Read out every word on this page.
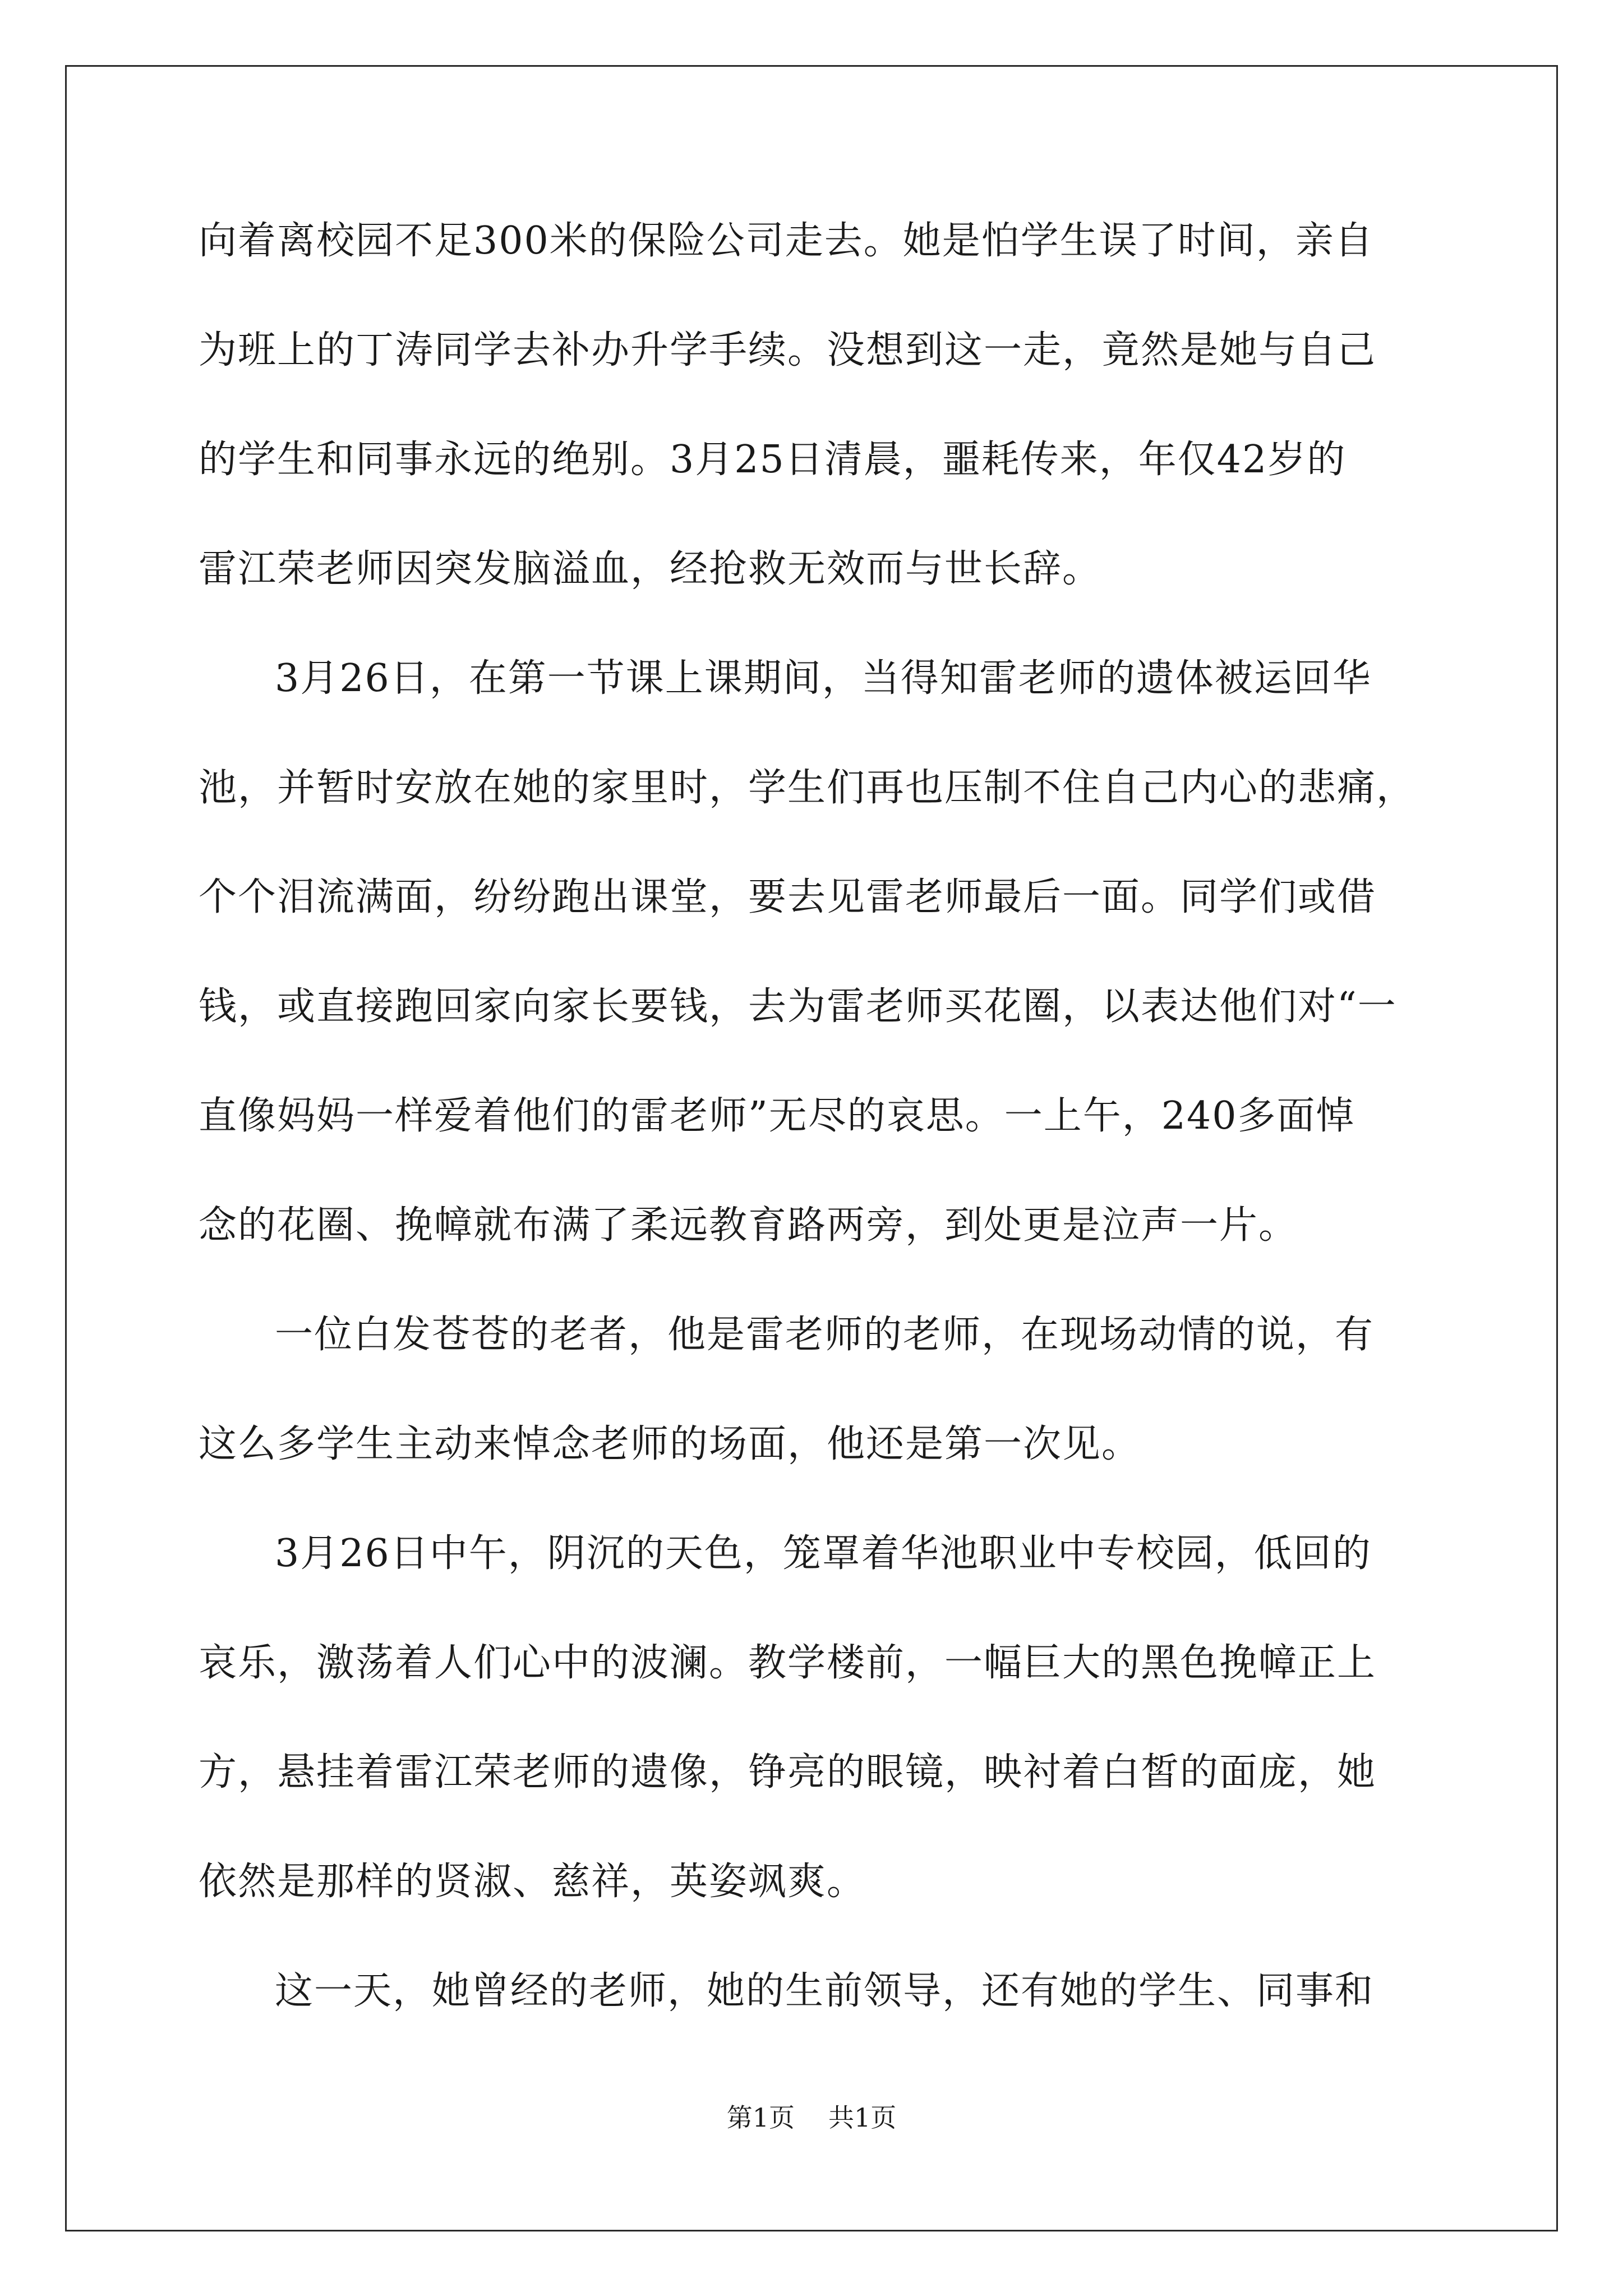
向着离校园不足300米的保险公司走去。她是怕学生误了时间，亲自
为班上的丁涛同学去补办升学手续。没想到这一走，竟然是她与自己
的学生和同事永远的绝别。3月25日清晨，噩耗传来，年仅42岁的
雷江荣老师因突发脑溢血，经抢救无效而与世长辞。
3月26日，在第一节课上课期间，当得知雷老师的遗体被运回华
池，并暂时安放在她的家里时，学生们再也压制不住自己内心的悲痛，
个个泪流满面，纷纷跑出课堂，要去见雷老师最后一面。同学们或借
钱，或直接跑回家向家长要钱，去为雷老师买花圈，以表达他们对“一
直像妈妈一样爱着他们的雷老师”无尽的哀思。一上午，240多面悼
念的花圈、挽幛就布满了柔远教育路两旁，到处更是泣声一片。
一位白发苍苍的老者，他是雷老师的老师，在现场动情的说，有
这么多学生主动来悼念老师的场面，他还是第一次见。
3月26日中午，阴沉的天色，笼罩着华池职业中专校园，低回的
哀乐，激荡着人们心中的波澜。教学楼前，一幅巨大的黑色挽幛正上
方，悬挂着雷江荣老师的遗像，铮亮的眼镜，映衬着白皙的面庞，她
依然是那样的贤淑、慈祥，英姿飒爽。
这一天，她曾经的老师，她的生前领导，还有她的学生、同事和
第1页 共1页
